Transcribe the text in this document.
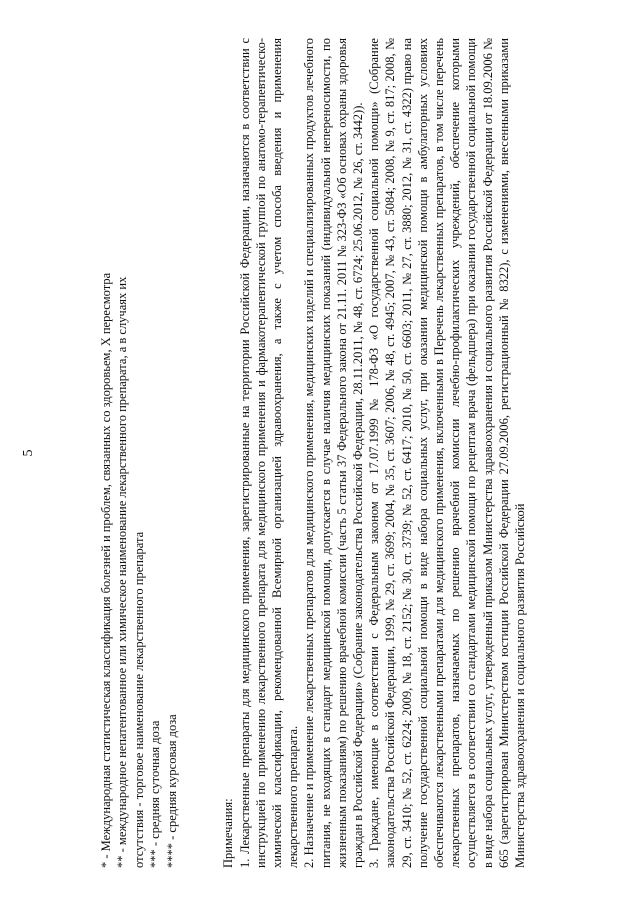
5	* - Международная статистическая классификация болезней и проблем, связанных со здоровьем, X пересмотра ** - международное непатентованное или химическое наименование лекарственного препарата, а в случаях их отсутствия - торговое наименование лекарственного препарата *** - средняя суточная доза **** - средняя курсовая доза	Примечания: 1. Лекарственные препараты для медицинского применения, зарегистрированные на территории Российской Федерации, назначаются в соответствии с инструкцией по применению лекарственного препарата для медицинского применения и фармакотерапевтической группой по анатомо-терапевтическо-химической классификации, рекомендованной Всемирной организацией здравоохранения, а также с учетом способа введения и применения лекарственного препарата. 2. Назначение и применение лекарственных препаратов для медицинского применения, медицинских изделий и специализированных продуктов лечебного питания, не входящих в стандарт медицинской помощи, допускается в случае наличия медицинских показаний (индивидуальной непереносимости, по жизненным показаниям) по решению врачебной комиссии (часть 5 статьи 37 Федерального закона от 21.11. 2011 № 323-ФЗ «Об основах охраны здоровья граждан в Российской Федерации» (Собрание законодательства Российской Федерации, 28.11.2011, № 48, ст. 6724; 25.06.2012, № 26, ст. 3442)). 3. Граждане, имеющие в соответствии с Федеральным законом от 17.07.1999 № 178-ФЗ «О государственной социальной помощи» (Собрание законодательства Российской Федерации, 1999, № 29, ст. 3699; 2004, № 35, ст. 3607; 2006, № 48, ст. 4945; 2007, № 43, ст. 5084; 2008, № 9, ст. 817; 2008, № 29, ст. 3410; № 52, ст. 6224; 2009, № 18, ст. 2152; № 30, ст. 3739; № 52, ст. 6417; 2010, № 50, ст. 6603; 2011, № 27, ст. 3880; 2012, № 31, ст. 4322) право на получение государственной социальной помощи в виде набора социальных услуг, при оказании медицинской помощи в амбулаторных условиях обеспечиваются лекарственными препаратами для медицинского применения, включенными в Перечень лекарственных препаратов, в том числе перечень лекарственных препаратов, назначаемых по решению врачебной комиссии лечебно-профилактических учреждений, обеспечение которыми осуществляется в соответствии со стандартами медицинской помощи по рецептам врача (фельдшера) при оказании государственной социальной помощи в виде набора социальных услуг, утвержденный приказом Министерства здравоохранения и социального развития Российской Федерации от 18.09.2006 № 665 (зарегистрирован Министерством юстиции Российской Федерации 27.09.2006, регистрационный № 8322), с изменениями, внесенными приказами Министерства здравоохранения и социального развития Российской
